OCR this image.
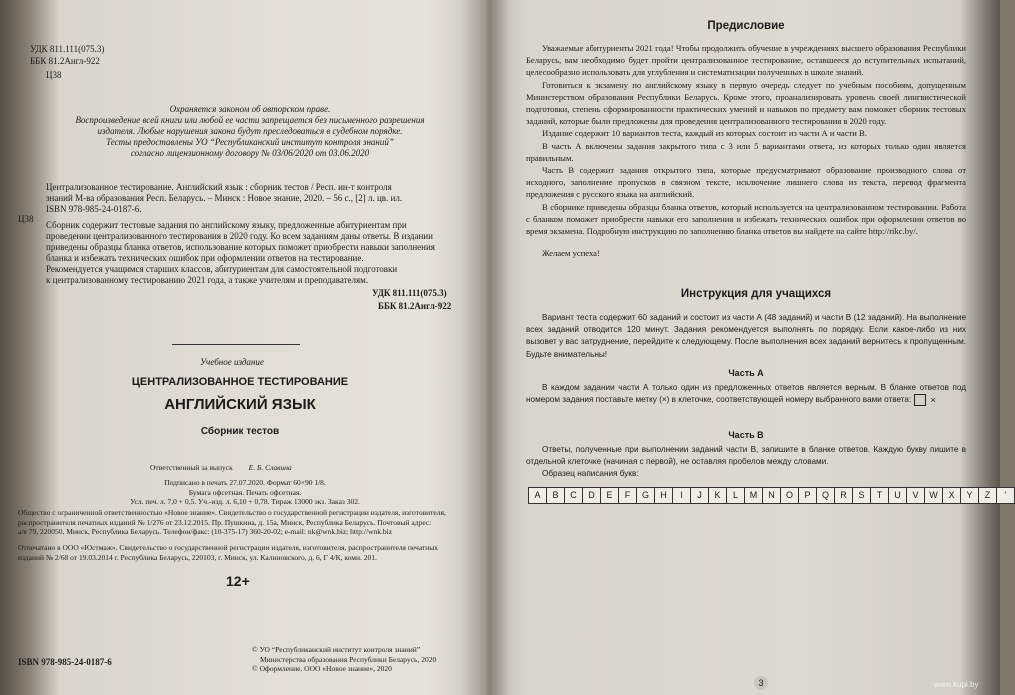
УДК 811.111(075.3)
ББК 81.2Англ-922
Ц38
Охраняется законом об авторском праве.
Воспроизведение всей книги или любой ее части запрещается без письменного разрешения
издателя. Любые нарушения закона будут преследоваться в судебном порядке.
Тесты предоставлены УО “Республиканский институт контроля знаний”
согласно лицензионному договору № 03/06/2020 от 03.06.2020
Ц38
Централизованное тестирование. Английский язык : сборник тестов / Респ. ин-т контроля
знаний М-ва образования Респ. Беларусь. – Минск : Новое знание, 2020. – 56 с., [2] л. цв. ил.
ISBN 978-985-24-0187-6.
Сборник содержит тестовые задания по английскому языку, предложенные абитуриентам при
проведении централизованного тестирования в 2020 году. Ко всем заданиям даны ответы. В издании
приведены образцы бланка ответов, использование которых поможет приобрести навыки заполнения
бланка и избежать технических ошибок при оформлении ответов на тестирование.
Рекомендуется учащимся старших классов, абитуриентам для самостоятельной подготовки
к централизованному тестированию 2021 года, а также учителям и преподавателям.
УДК 811.111(075.3)
ББК 81.2Англ-922
Учебное издание
ЦЕНТРАЛИЗОВАННОЕ ТЕСТИРОВАНИЕ
АНГЛИЙСКИЙ ЯЗЫК
Сборник тестов
Ответственный за выпуск Е. Б. Славина
Подписано в печать 27.07.2020. Формат 60×90 1/8.
Бумага офсетная. Печать офсетная.
Усл. печ. л. 7,0 + 0,5. Уч.-изд. л. 6,10 + 0,78. Тираж 13000 экз. Заказ 302.
Общество с ограниченной ответственностью «Новое знание». Свидетельство о государственной регистрации издателя, изготовителя,
распространителя печатных изданий № 1/276 от 23.12.2015. Пр. Пушкина, д. 15а, Минск, Республика Беларусь. Почтовый адрес:
а/я 79, 220050, Минск, Республика Беларусь. Телефон/факс: (10-375-17) 360-20-02; e-mail: nk@wnk.biz; http://wnk.biz
Отпечатано в ООО «Юстмаж». Свидетельство о государственной регистрации издателя, изготовителя, распространителя печатных
изданий № 2/68 от 19.03.2014 г. Республика Беларусь, 220103, г. Минск, ул. Калиновского, д. 6, Г 4/К, комн. 201.
12+
ISBN 978-985-24-0187-6
© УО “Республиканский институт контроля знаний”
Министерства образования Республики Беларусь, 2020
© Оформление. ООО «Новое знание», 2020
Предисловие

Уважаемые абитуриенты 2021 года! Чтобы продолжить обучение в учреждениях высшего образования Республики Беларусь, вам необходимо будет пройти централизованное тестирование, оставшееся до вступительных испытаний, целесообразно использовать для углубления и систематизации полученных в школе знаний.

Готовиться к экзамену по английскому языку в первую очередь следует по учебным пособиям, допущенным Министерством образования Республики Беларусь. Кроме этого, проанализировать уровень своей лингвистической подготовки, степень сформированности практических умений и навыков по предмету вам поможет сборник тестовых заданий, которые были предложены для проведения централизованного тестирования в 2020 году.

Издание содержит 10 вариантов теста, каждый из которых состоит из части А и части В.

В часть А включены задания закрытого типа с 3 или 5 вариантами ответа, из которых только один является правильным.

Часть В содержит задания открытого типа, которые предусматривают образование производного слова от исходного, заполнение пропусков в связном тексте, исключение лишнего слова из текста, перевод фрагмента предложения с русского языка на английский.

В сборнике приведены образцы бланка ответов, который используется на централизованном тестировании. Работа с бланком поможет приобрести навыки его заполнения и избежать технических ошибок при оформлении ответов во время экзамена. Подробную инструкцию по заполнению бланка ответов вы найдете на сайте http://rikc.by/.

Желаем успеха!

Инструкция для учащихся

Вариант теста содержит 60 заданий и состоит из части А (48 заданий) и части В (12 заданий). На выполнение всех заданий отводится 120 минут. Задания рекомендуется выполнять по порядку. Если какое-либо из них вызовет у вас затруднение, перейдите к следующему. После выполнения всех заданий вернитесь к пропущенным. Будьте внимательны!

Часть А

В каждом задании части А только один из предложенных ответов является верным. В бланке ответов под номером задания поставьте метку (×) в клеточке, соответствующей номеру выбранного вами ответа: ×

Часть В

Ответы, полученные при выполнении заданий части В, запишите в бланке ответов. Каждую букву пишите в отдельной клеточке (начиная с первой), не оставляя пробелов между словами.

Образец написания букв:

A	B	C	D	E	F	G	H	I	J	K	L	M	N	O	P	Q	R	S	T	U	V	W	X	Y	Z	'
3	www.kupi.by
